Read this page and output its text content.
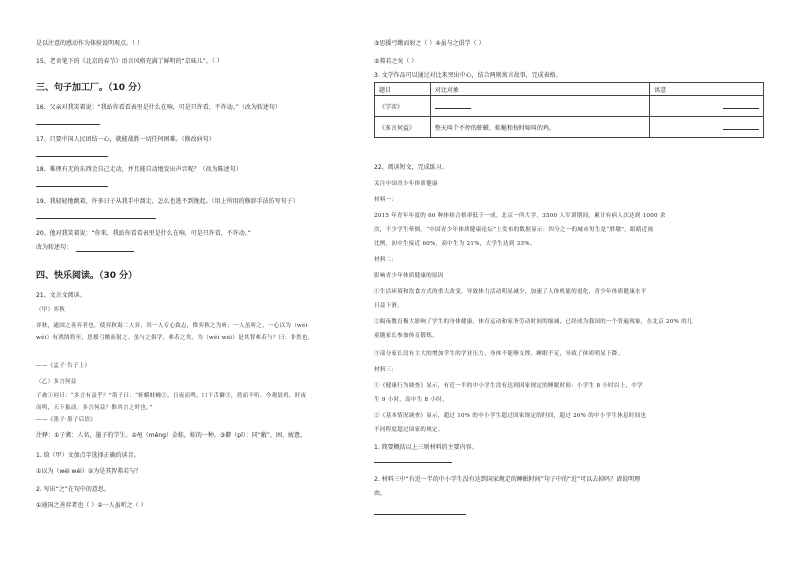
是以注意的感动作为体验说明观点。（ ）
15、老舍笔下的《北京的春节》语言风格充满了鲜明的“京味儿”。（ ）
三、句子加工厂。（10 分）
16、父亲对我笑着说：“我站你看看表里是什么在响，可是只许看，不许动。”（改为转述句）
17、只要中国人民团结一心，就能战胜一切任何困难。（修改病句）
18、难理有无的东西会自己走动，并且能自动地发出声音呢？（改为陈述句）
19、我轻轻地跳着，许多日子从我手中溜走，怎么也逃不到挽起。（用上所用的修辞手法仿写句子）
20、他对我笑着说：“你来，我站你看看表里是什么在响，可是只许看，不许动。”
改为转述句：
四、快乐阅读。（30 分）
21、文言文阅读。
（甲）弈秋
弈秋，通国之善弈者也。使弈秋诲二人弈，其一人专心致志，惟弈秋之为听；一人虽听之，一心以为（wéi
wéi）有鸿鹄将至，思援弓缴而射之。虽与之俱学，弗若之矣。为（wéi wéi）是其智弗若与？曰：非然也。
——《孟子·告子上》
（乙）多言何益
子禽①问曰：“多言有益乎？”墨子曰：“虾蟆蛙蝇②，日夜而鸣，口干舌擗③，然而不听。今观晨鸡，时夜
而鸣，天下振动。多言何益？惟其言之时也。”
——《墨子·墨子后语》
注释：①子禽：人名，墨子的学生。②黾（měng）金蛙，蛙的一种。③擗（pǐ）：同“敝”，困、疲惫。
1. 给（甲）文加点字选择正确的读音。
①以为（wéi wéi）②为是其智弗若与？
2. 写出“之”在句中的意思。
①通国之善弈者也（ ）②一人虽听之（ ）
③思援弓缴而射之（ ）④虽与之俱学（ ）
⑤弗若之矣（ ）
3. 文学作品可以通过对比来突出中心，结合两则寓言故事，完成表格。
题目	对比对象	寓意
《学弈》		
《多言何益》	整天叫个不停的虾蟆、蛙蝇和按时啼叫的鸡。	
22、阅读短文，完成练习。
关注中国青少年体质健康
材料一：
2015 年青年年度的 60 种体检合格率低于一成。北京一所大学，3500 人军训期间，累计有病人次达到 1000 余
次，不少学生晕倒。“中国青少年体质健康论坛”上发布的数据显示：四分之一的城市男生是“胖墩”，眼睛近视
比例，初中生接近 60%，高中生为 21%，大学生达到 33%。
材料二：
影响青少年体质健康的原因
①生活环境和饮食方式的重大改变，导致体力活动明显减少，加速了人体机能的退化，青少年体质健康水平
日益下滑。
②隔夜教育极大影响了学生的身体健康，体育运动和家务劳动时间的缩减，已经成为我国的一个普遍现象，在北京 20% 的儿
童随家长参加体育锻炼。
③部分家长没有主大的增加学生的学业压力，身体不能够支撑，睡眠不足，导致了体质明显下降。
材料三：
①《健康行为调查》显示，有近一半的中小学生没有达到国家规定的睡眠时间：小学生 8 小时以上，中学
生 9 小时，高中生 8 小时。
②《基本情况调查》显示，超过 10% 的中小学生超过国家规定的时间，超过 20% 的中小学生休息时间也
不同程度超过国家的规定。
1. 简要概括以上三则材料的主要内容。
2. 材料三中“有近一半的中小学生没有达到国家规定的睡眠时间”句子中的“近”可以去掉吗？请说明理
由。
